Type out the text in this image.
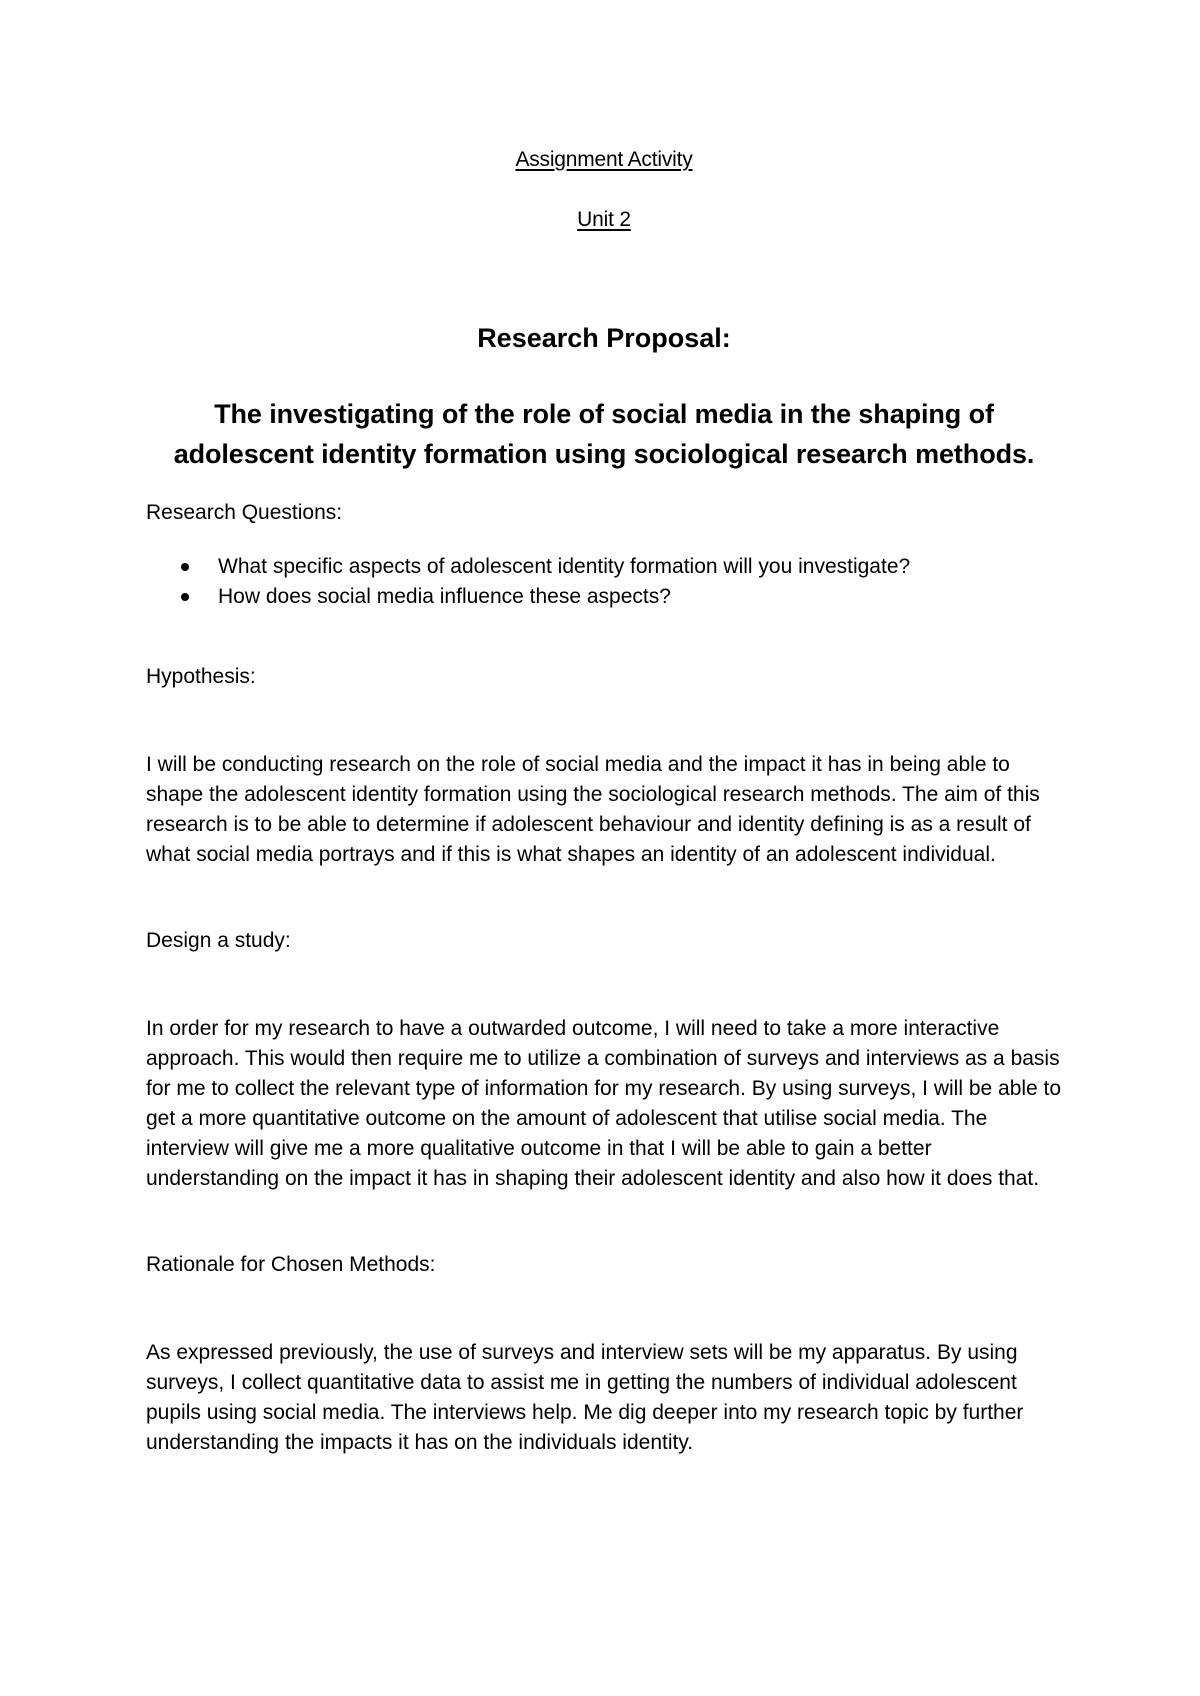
Assignment Activity

Unit 2

Research Proposal:

The investigating of the role of social media in the shaping of adolescent identity formation using sociological research methods.

Research Questions:

What specific aspects of adolescent identity formation will you investigate?
How does social media influence these aspects?

Hypothesis:

I will be conducting research on the role of social media and the impact it has in being able to shape the adolescent identity formation using the sociological research methods. The aim of this research is to be able to determine if adolescent behaviour and identity defining is as a result of what social media portrays and if this is what shapes an identity of an adolescent individual.

Design a study:

In order for my research to have a outwarded outcome, I will need to take a more interactive approach. This would then require me to utilize a combination of surveys and interviews as a basis for me to collect the relevant type of information for my research. By using surveys, I will be able to get a more quantitative outcome on the amount of adolescent that utilise social media. The interview will give me a more qualitative outcome in that I will be able to gain a better understanding on the impact it has in shaping their adolescent identity and also how it does that.

Rationale for Chosen Methods:

As expressed previously, the use of surveys and interview sets will be my apparatus. By using surveys, I collect quantitative data to assist me in getting the numbers of individual adolescent pupils using social media. The interviews help. Me dig deeper into my research topic by further understanding the impacts it has on the individuals identity.
